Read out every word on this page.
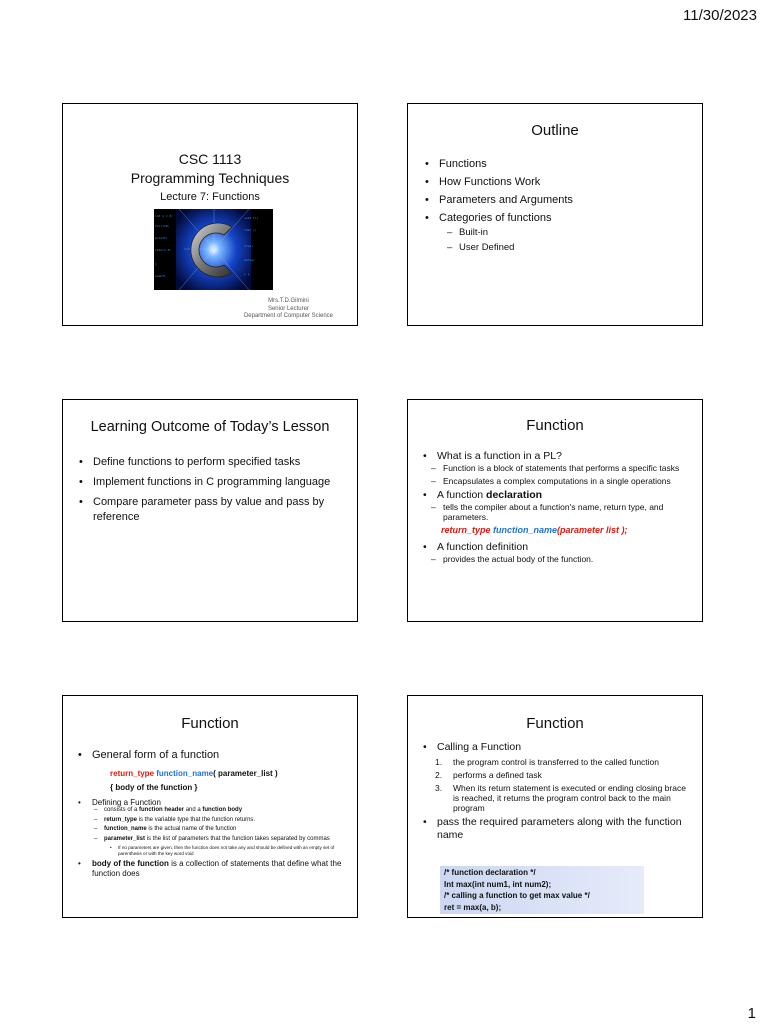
11/30/2023
CSC 1113
Programming Techniques
Lecture 7: Functions
int x = 0;
for(i=0;
printf(
return 0;
}
scanf(
void f()
char c;
if(a)
while(
{ }
Mrs.T.D.Gilmini
Senior Lecturer
Department of Computer Science
Outline
• Functions
• How Functions Work
• Parameters and Arguments
• Categories of functions
– Built-in
– User Defined
Learning Outcome of Today’s Lesson
• Define functions to perform specified tasks
• Implement functions in C programming language
• Compare parameter pass by value and pass by reference
Function
• What is a function in a PL?
– Function is a block of statements that performs a specific tasks
– Encapsulates a complex computations in a single operations
• A function declaration
– tells the compiler about a function's name, return type, and parameters.
return_type function_name(parameter list );
• A function definition
– provides the actual body of the function.
Function
• General form of a function
return_type function_name( parameter_list )
{ body of the function }
• Defining a Function
– consists of a function header and a function body
– return_type is the variable type that the function returns.
– function_name is the actual name of the function
– parameter_list is the list of parameters that the function takes separated by commas
• If no parameters are given, then the function does not take any and should be defined with an empty set of parenthesis or with the key word void
• body of the function is a collection of statements that define what the function does
Function
• Calling a Function
1. the program control is transferred to the called function
2. performs a defined task
3. When its return statement is executed or ending closing brace is reached, it returns the program control back to the main program
• pass the required parameters along with the function name
/* function declaration */
Int max(int num1, int num2);
/* calling a function to get max value */
ret = max(a, b);
1
